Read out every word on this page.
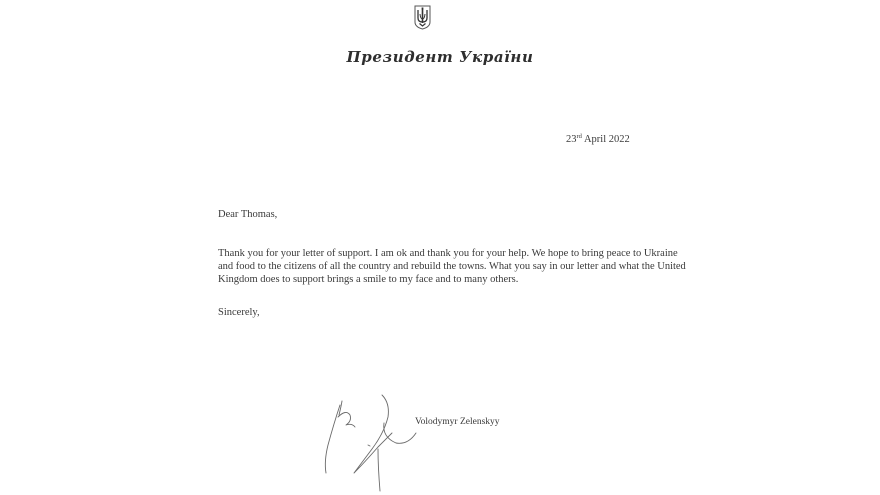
Президент України
23rd April 2022
Dear Thomas,
Thank you for your letter of support. I am ok and thank you for your help. We hope to bring peace to Ukraine
and food to the citizens of all the country and rebuild the towns. What you say in our letter and what the United
Kingdom does to support brings a smile to my face and to many others.
Sincerely,
Volodymyr Zelenskyy
